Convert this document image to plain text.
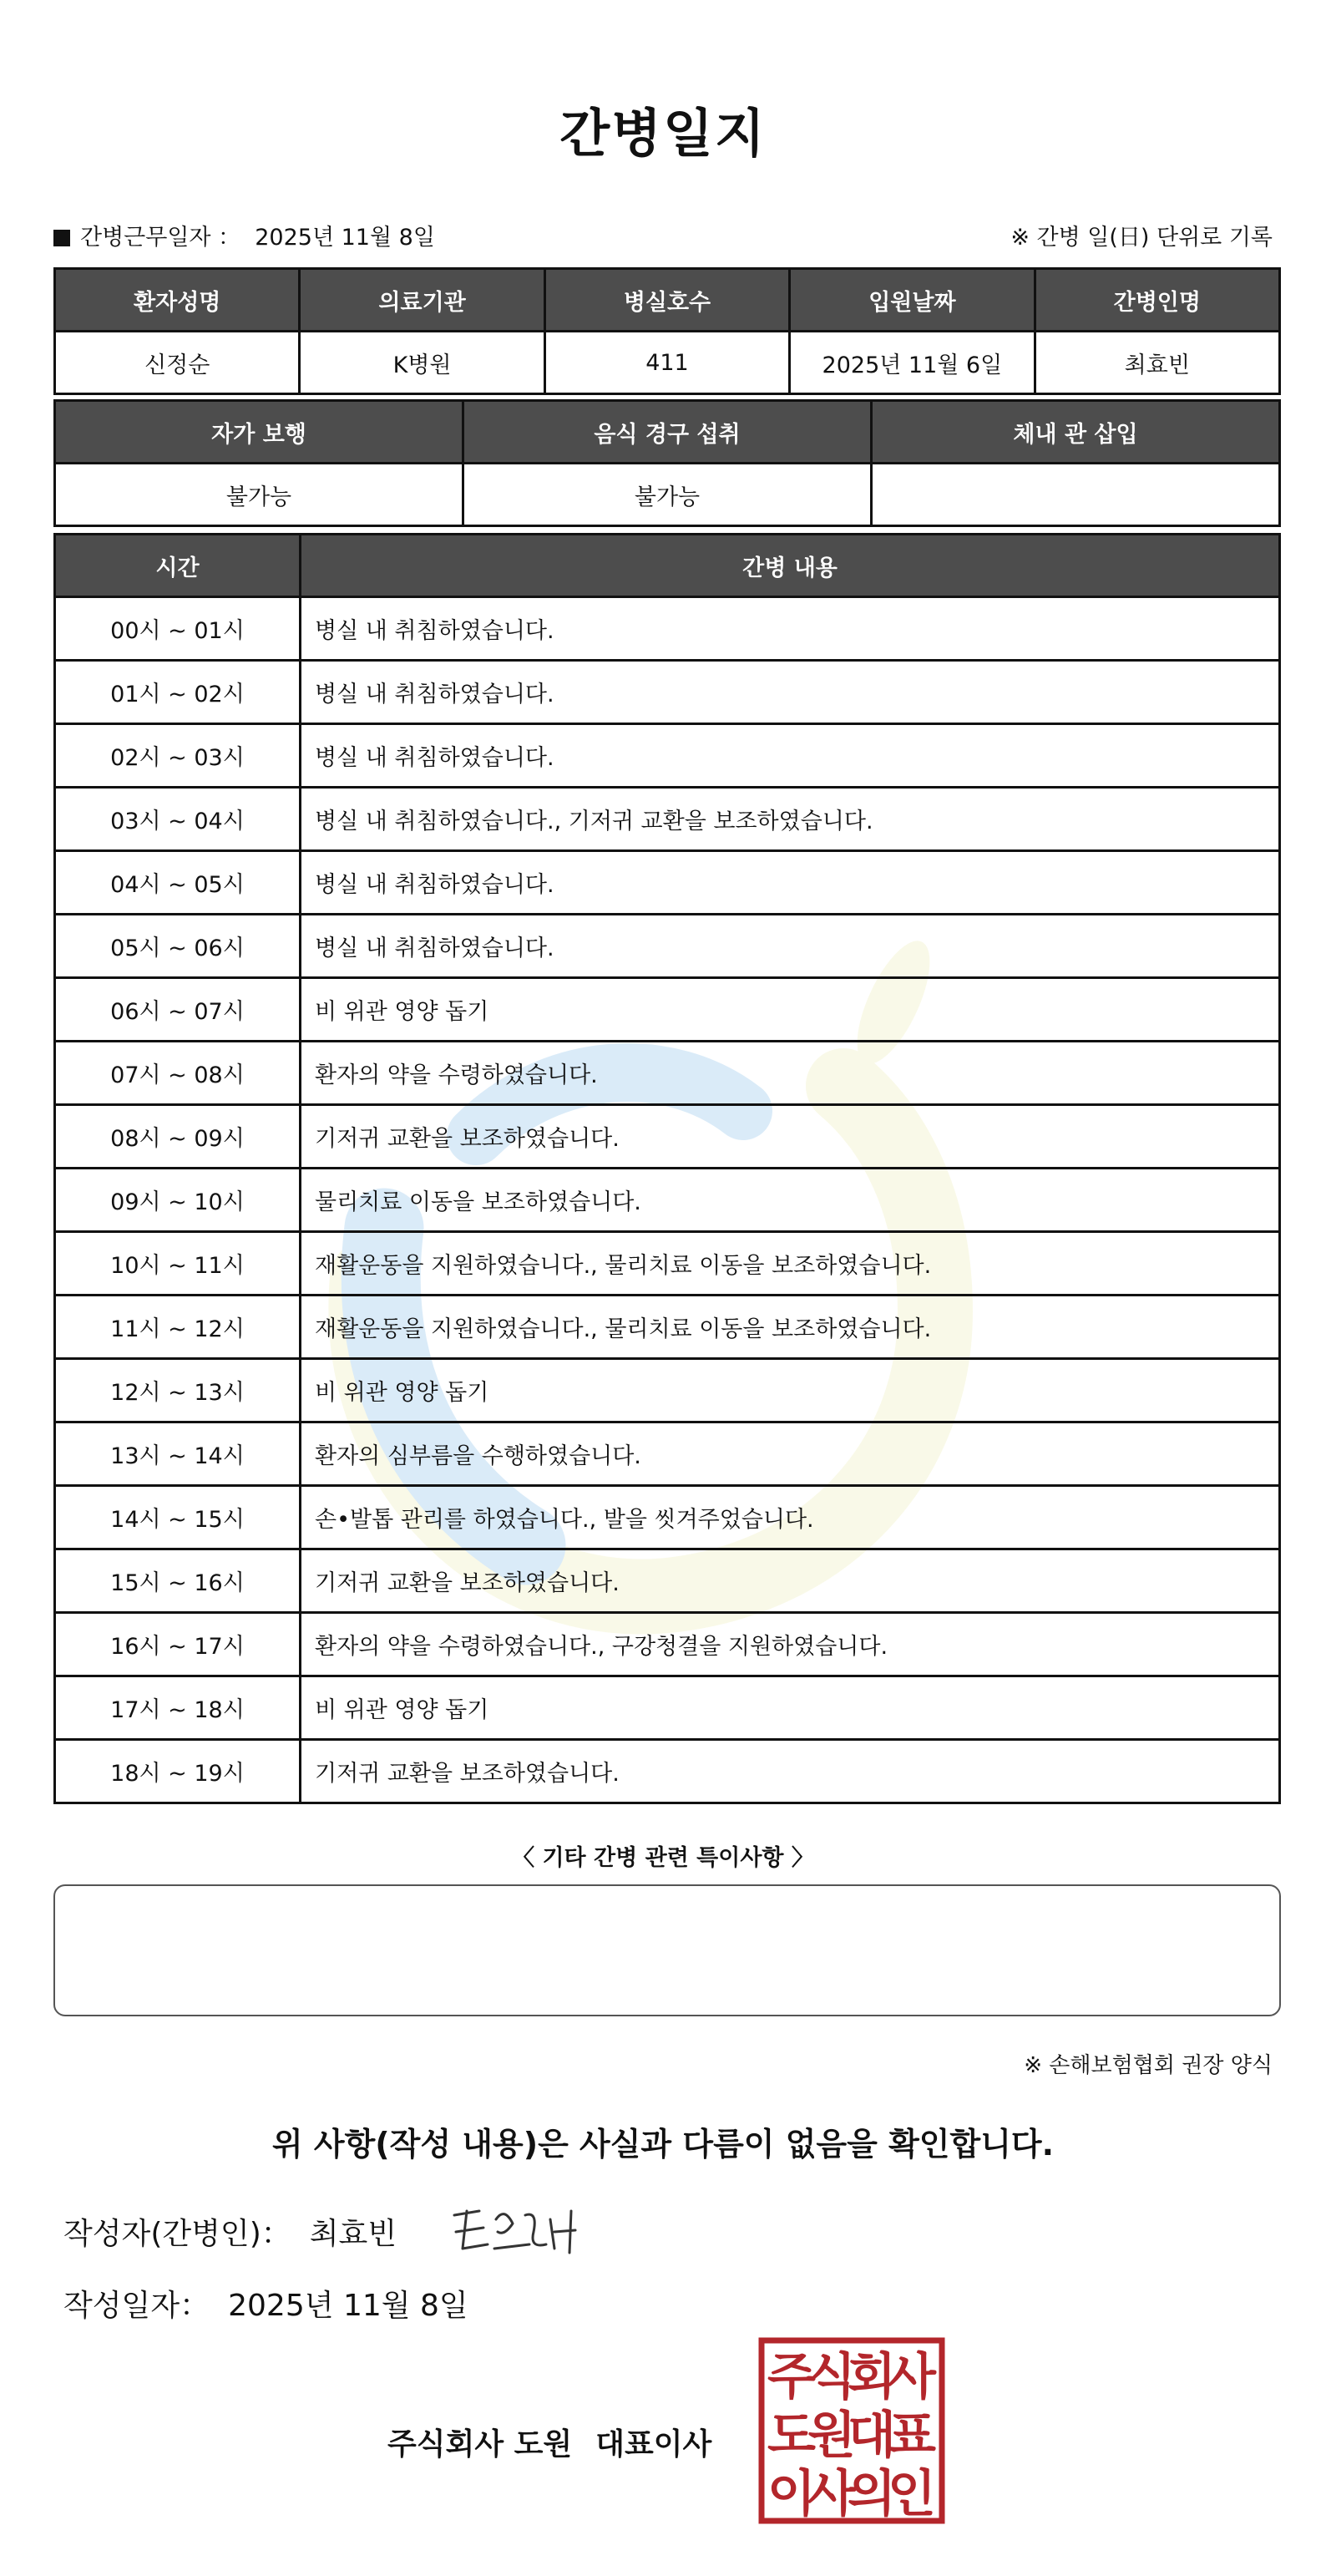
간병일지
간병근무일자 ： 2025년 11월 8일	※ 간병 일(日) 단위로 기록
환자성명	의료기관	병실호수	입원날짜	간병인명
신정순	K병원	411	2025년 11월 6일	최효빈
자가 보행	음식 경구 섭취	체내 관 삽입
불가능	불가능	
시간	간병 내용
00시 ~ 01시	병실 내 취침하였습니다.
01시 ~ 02시	병실 내 취침하였습니다.
02시 ~ 03시	병실 내 취침하였습니다.
03시 ~ 04시	병실 내 취침하였습니다., 기저귀 교환을 보조하였습니다.
04시 ~ 05시	병실 내 취침하였습니다.
05시 ~ 06시	병실 내 취침하였습니다.
06시 ~ 07시	비 위관 영양 돕기
07시 ~ 08시	환자의 약을 수령하였습니다.
08시 ~ 09시	기저귀 교환을 보조하였습니다.
09시 ~ 10시	물리치료 이동을 보조하였습니다.
10시 ~ 11시	재활운동을 지원하였습니다., 물리치료 이동을 보조하였습니다.
11시 ~ 12시	재활운동을 지원하였습니다., 물리치료 이동을 보조하였습니다.
12시 ~ 13시	비 위관 영양 돕기
13시 ~ 14시	환자의 심부름을 수행하였습니다.
14시 ~ 15시	손•발톱 관리를 하였습니다., 발을 씻겨주었습니다.
15시 ~ 16시	기저귀 교환을 보조하였습니다.
16시 ~ 17시	환자의 약을 수령하였습니다., 구강청결을 지원하였습니다.
17시 ~ 18시	비 위관 영양 돕기
18시 ~ 19시	기저귀 교환을 보조하였습니다.
〈 기타 간병 관련 특이사항 〉
※ 손해보험협회 권장 양식
위 사항(작성 내용)은 사실과 다름이 없음을 확인합니다.
작성자(간병인)： 최효빈
작성일자： 2025년 11월 8일
주식회사 도원 대표이사
주
식
회
사
도
원
대
표
이
사
의
인
